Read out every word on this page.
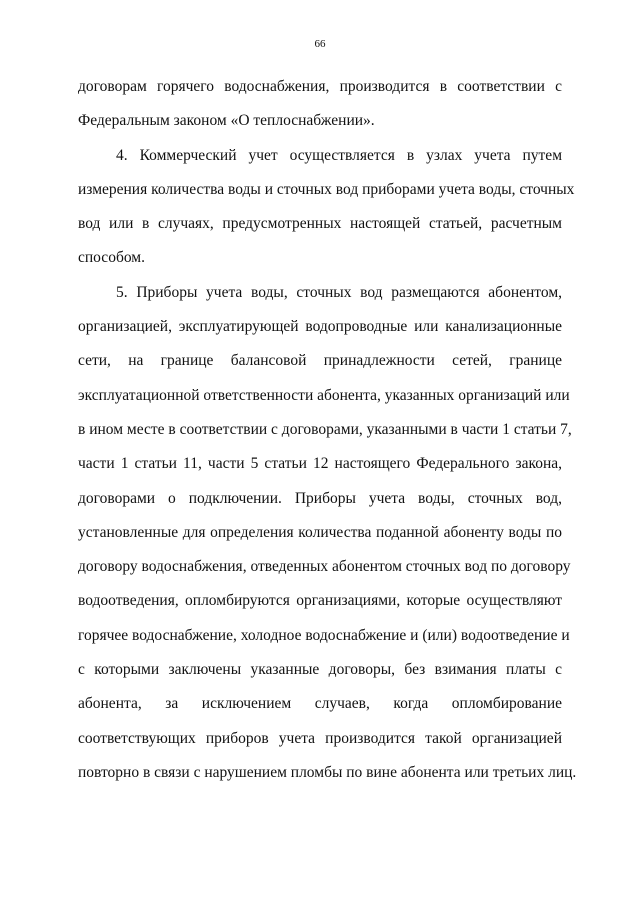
66
договорам горячего водоснабжения, производится в соответствии с
Федеральным законом «О теплоснабжении».
4. Коммерческий учет осуществляется в узлах учета путем
измерения количества воды и сточных вод приборами учета воды, сточных
вод или в случаях, предусмотренных настоящей статьей, расчетным
способом.
5. Приборы учета воды, сточных вод размещаются абонентом,
организацией, эксплуатирующей водопроводные или канализационные
сети, на границе балансовой принадлежности сетей, границе
эксплуатационной ответственности абонента, указанных организаций или
в ином месте в соответствии с договорами, указанными в части 1 статьи 7,
части 1 статьи 11, части 5 статьи 12 настоящего Федерального закона,
договорами о подключении. Приборы учета воды, сточных вод,
установленные для определения количества поданной абоненту воды по
договору водоснабжения, отведенных абонентом сточных вод по договору
водоотведения, опломбируются организациями, которые осуществляют
горячее водоснабжение, холодное водоснабжение и (или) водоотведение и
с которыми заключены указанные договоры, без взимания платы с
абонента, за исключением случаев, когда опломбирование
соответствующих приборов учета производится такой организацией
повторно в связи с нарушением пломбы по вине абонента или третьих лиц.
